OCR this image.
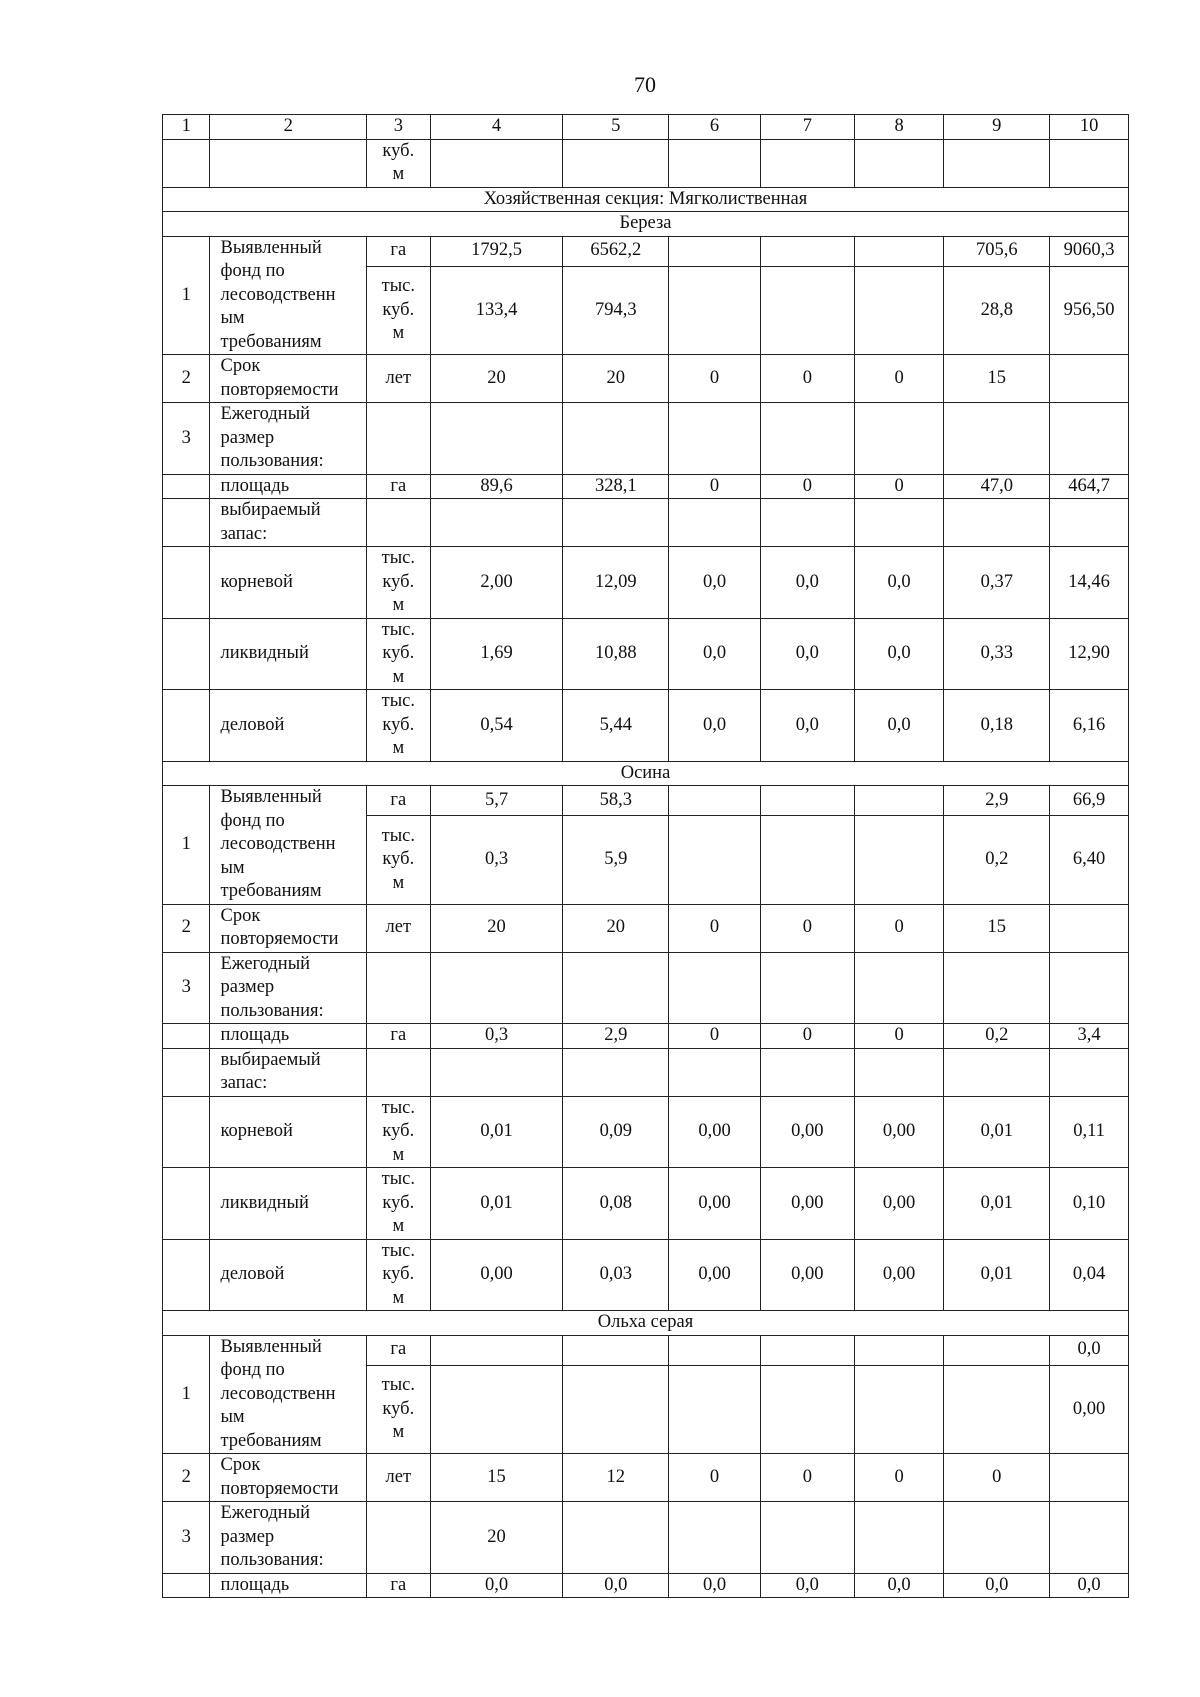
70
1	2	3	4	5	6	7	8	9	10

		куб.
м							

Хозяйственная секция: Мягколиственная									
Береза									
1	Выявленный
фонд по
лесоводственн
ым
требованиям	га	1792,5	6562,2				705,6	9060,3

		тыс.
куб.
м	133,4	794,3				28,8	956,50
2	Срок
повторяемости	лет	20	20	0	0	0	15	
3	Ежегодный
размер
пользования:								

	площадь	га	89,6	328,1	0	0	0	47,0	464,7

	выбираемый
запас:								

	корневой	тыс.
куб.
м	2,00	12,09	0,0	0,0	0,0	0,37	14,46
	ликвидный	тыс.
куб.
м	1,69	10,88	0,0	0,0	0,0	0,33	12,90
	деловой	тыс.
куб.
м	0,54	5,44	0,0	0,0	0,0	0,18	6,16
Осина									
1	Выявленный
фонд по
лесоводственн
ым
требованиям	га	5,7	58,3				2,9	66,9

		тыс.
куб.
м	0,3	5,9				0,2	6,40
2	Срок
повторяемости	лет	20	20	0	0	0	15	
3	Ежегодный
размер
пользования:								

	площадь	га	0,3	2,9	0	0	0	0,2	3,4

	выбираемый
запас:								

	корневой	тыс.
куб.
м	0,01	0,09	0,00	0,00	0,00	0,01	0,11
	ликвидный	тыс.
куб.
м	0,01	0,08	0,00	0,00	0,00	0,01	0,10
	деловой	тыс.
куб.
м	0,00	0,03	0,00	0,00	0,00	0,01	0,04
Ольха серая									
1	Выявленный
фонд по
лесоводственн
ым
требованиям	га							0,0

		тыс.
куб.
м							0,00
2	Срок
повторяемости	лет	15	12	0	0	0	0	
3	Ежегодный
размер
пользования:		20						
	площадь	га	0,0	0,0	0,0	0,0	0,0	0,0	0,0
